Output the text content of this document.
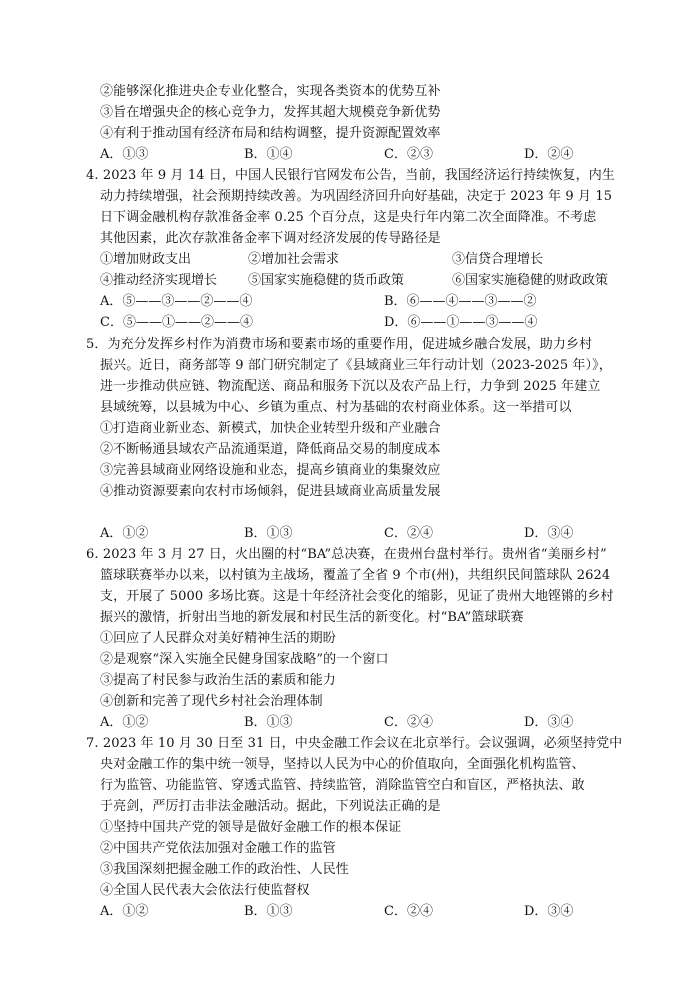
②能够深化推进央企专业化整合，实现各类资本的优势互补
③旨在增强央企的核心竞争力，发挥其超大规模竞争新优势
④有利于推动国有经济布局和结构调整，提升资源配置效率
A．①③	B．①④	C．②③	D．②④
4. 2023 年 9 月 14 日，中国人民银行官网发布公告，当前，我国经济运行持续恢复，内生
动力持续增强，社会预期持续改善。为巩固经济回升向好基础，决定于 2023 年 9 月 15
日下调金融机构存款准备金率 0.25 个百分点，这是央行年内第二次全面降准。不考虑
其他因素，此次存款准备金率下调对经济发展的传导路径是
①增加财政支出	②增加社会需求	③信贷合理增长
④推动经济实现增长 ⑤国家实施稳健的货币政策	⑥国家实施稳健的财政政策
A．⑤——③——②——④	B．⑥——④——③——②
C．⑤——①——②——④	D．⑥——①——③——④
5．为充分发挥乡村作为消费市场和要素市场的重要作用，促进城乡融合发展，助力乡村
振兴。近日，商务部等 9 部门研究制定了《县域商业三年行动计划（2023-2025 年）》，
进一步推动供应链、物流配送、商品和服务下沉以及农产品上行，力争到 2025 年建立
县域统筹，以县城为中心、乡镇为重点、村为基础的农村商业体系。这一举措可以
①打造商业新业态、新模式，加快企业转型升级和产业融合
②不断畅通县域农产品流通渠道，降低商品交易的制度成本
③完善县域商业网络设施和业态，提高乡镇商业的集聚效应
④推动资源要素向农村市场倾斜，促进县域商业高质量发展
A．①②	B．①③	C．②④	D．③④
6. 2023 年 3 月 27 日，火出圈的村“BA”总决赛，在贵州台盘村举行。贵州省“美丽乡村”
篮球联赛举办以来，以村镇为主战场，覆盖了全省 9 个市(州)，共组织民间篮球队 2624
支，开展了 5000 多场比赛。这是十年经济社会变化的缩影，见证了贵州大地铿锵的乡村
振兴的激情，折射出当地的新发展和村民生活的新变化。村“BA”篮球联赛
①回应了人民群众对美好精神生活的期盼
②是观察“深入实施全民健身国家战略”的一个窗口
③提高了村民参与政治生活的素质和能力
④创新和完善了现代乡村社会治理体制
A．①②	B．①③	C．②④	D．③④
7. 2023 年 10 月 30 日至 31 日，中央金融工作会议在北京举行。会议强调，必须坚持党中
央对金融工作的集中统一领导，坚持以人民为中心的价值取向，全面强化机构监管、
行为监管、功能监管、穿透式监管、持续监管，消除监管空白和盲区，严格执法、敢
于亮剑，严厉打击非法金融活动。据此，下列说法正确的是
①坚持中国共产党的领导是做好金融工作的根本保证
②中国共产党依法加强对金融工作的监管
③我国深刻把握金融工作的政治性、人民性
④全国人民代表大会依法行使监督权
A．①②	B．①③	C．②④	D．③④
